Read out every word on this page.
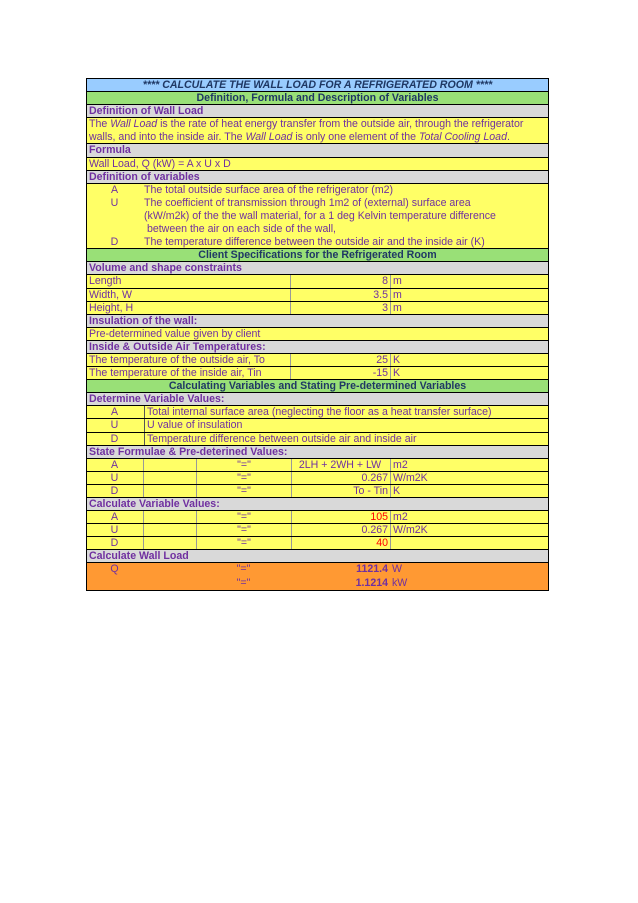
**** CALCULATE THE WALL LOAD FOR A REFRIGERATED ROOM ****
Definition, Formula and Description of Variables
Definition of Wall Load
The Wall Load is the rate of heat energy transfer from the outside air, through the refrigerator
walls, and into the inside air. The Wall Load is only one element of the Total Cooling Load.
Formula
Wall Load, Q (kW) = A x U x D
Definition of variables
A	The total outside surface area of the refrigerator (m2)
U	The coefficient of transmission through 1m2 of (external) surface area
(kW/m2k) of the the wall material, for a 1 deg Kelvin temperature difference
between the air on each side of the wall,
D	The temperature difference between the outside air and the inside air (K)
Client Specifications for the Refrigerated Room
Volume and shape constraints
Length	8 m
Width, W	3.5 m
Height, H	3 m
Insulation of the wall:
Pre-determined value given by client
Inside & Outside Air Temperatures:
The temperature of the outside air, To	25 K
The temperature of the inside air, Tin	-15 K
Calculating Variables and Stating Pre-determined Variables
Determine Variable Values:
A	Total internal surface area (neglecting the floor as a heat transfer surface)
U	U value of insulation
D	Temperature difference between outside air and inside air
State Formulae & Pre-deterined Values:
A	"="	2LH + 2WH + LW	m2
U	"="	0.267 W/m2K
D	"="	To - Tin K
Calculate Variable Values:
A	"="	105 m2
U	"="	0.267 W/m2K
D	"="	40
Calculate Wall Load
Q	"="	1121.4 W
"="	1.1214 kW
